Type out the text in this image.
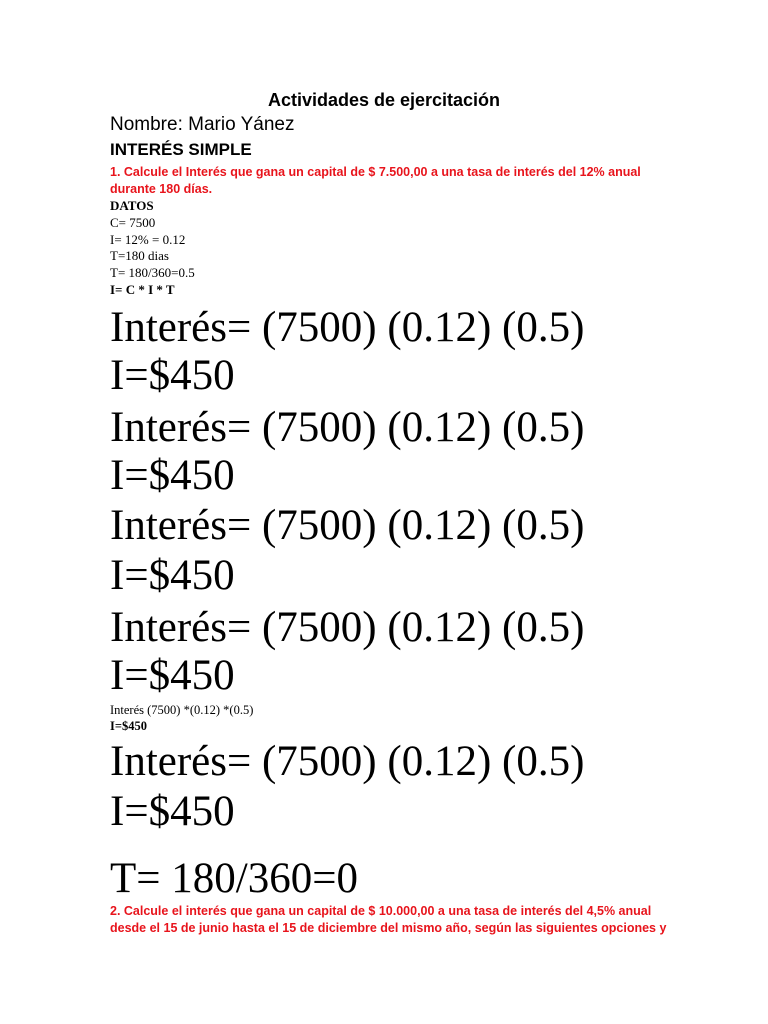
Actividades de ejercitación
Nombre: Mario Yánez
INTERÉS SIMPLE
1. Calcule el Interés que gana un capital de $ 7.500,00 a una tasa de interés del 12% anual
durante 180 días.
DATOS
C= 7500
I= 12% = 0.12
T=180 dias
T= 180/360=0.5
I= C * I * T
Interés= (7500) (0.12) (0.5)
I=$450
Interés= (7500) (0.12) (0.5)
I=$450
Interés= (7500) (0.12) (0.5)
I=$450
Interés= (7500) (0.12) (0.5)
I=$450
Interés (7500) *(0.12) *(0.5)
I=$450
Interés= (7500) (0.12) (0.5)
I=$450
T= 180/360=0
2. Calcule el interés que gana un capital de $ 10.000,00 a una tasa de interés del 4,5% anual
desde el 15 de junio hasta el 15 de diciembre del mismo año, según las siguientes opciones y
